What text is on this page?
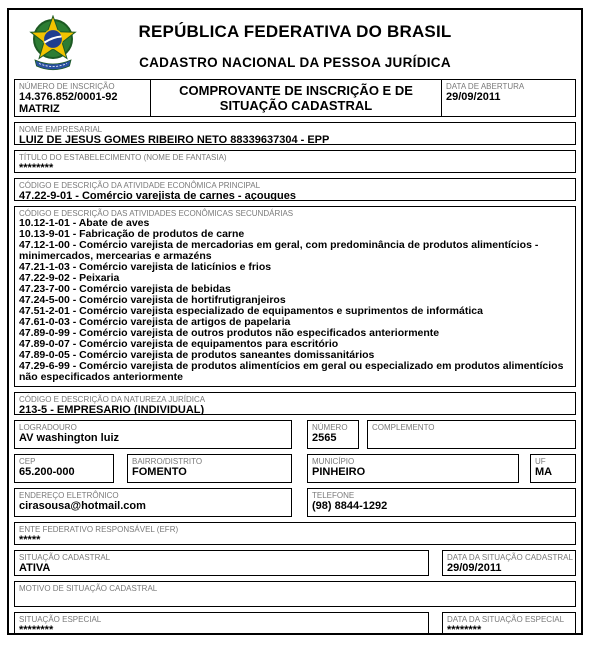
REPÚBLICA FEDERATIVA DO BRASIL
CADASTRO NACIONAL DA PESSOA JURÍDICA
NÚMERO DE INSCRIÇÃO
14.376.852/0001-92
MATRIZ
COMPROVANTE DE INSCRIÇÃO E DE SITUAÇÃO CADASTRAL
DATA DE ABERTURA
29/09/2011
NOME EMPRESARIAL
LUIZ DE JESUS GOMES RIBEIRO NETO 88339637304 - EPP
TÍTULO DO ESTABELECIMENTO (NOME DE FANTASIA)
********
CÓDIGO E DESCRIÇÃO DA ATIVIDADE ECONÔMICA PRINCIPAL
47.22-9-01 - Comércio varejista de carnes - açougues
CÓDIGO E DESCRIÇÃO DAS ATIVIDADES ECONÔMICAS SECUNDÁRIAS
10.12-1-01 - Abate de aves
10.13-9-01 - Fabricação de produtos de carne
47.12-1-00 - Comércio varejista de mercadorias em geral, com predominância de produtos alimentícios - minimercados, mercearias e armazéns
47.21-1-03 - Comércio varejista de laticínios e frios
47.22-9-02 - Peixaria
47.23-7-00 - Comércio varejista de bebidas
47.24-5-00 - Comércio varejista de hortifrutigranjeiros
47.51-2-01 - Comércio varejista especializado de equipamentos e suprimentos de informática
47.61-0-03 - Comércio varejista de artigos de papelaria
47.89-0-99 - Comércio varejista de outros produtos não especificados anteriormente
47.89-0-07 - Comércio varejista de equipamentos para escritório
47.89-0-05 - Comércio varejista de produtos saneantes domissanitários
47.29-6-99 - Comércio varejista de produtos alimentícios em geral ou especializado em produtos alimentícios não especificados anteriormente
CÓDIGO E DESCRIÇÃO DA NATUREZA JURÍDICA
213-5 - EMPRESARIO (INDIVIDUAL)
LOGRADOURO
AV washington luiz
NÚMERO
2565
COMPLEMENTO
CEP
65.200-000
BAIRRO/DISTRITO
FOMENTO
MUNICÍPIO
PINHEIRO
UF
MA
ENDEREÇO ELETRÔNICO
cirasousa@hotmail.com
TELEFONE
(98) 8844-1292
ENTE FEDERATIVO RESPONSÁVEL (EFR)
*****
SITUAÇÃO CADASTRAL
ATIVA
DATA DA SITUAÇÃO CADASTRAL
29/09/2011
MOTIVO DE SITUAÇÃO CADASTRAL
SITUAÇÃO ESPECIAL
********
DATA DA SITUAÇÃO ESPECIAL
********
